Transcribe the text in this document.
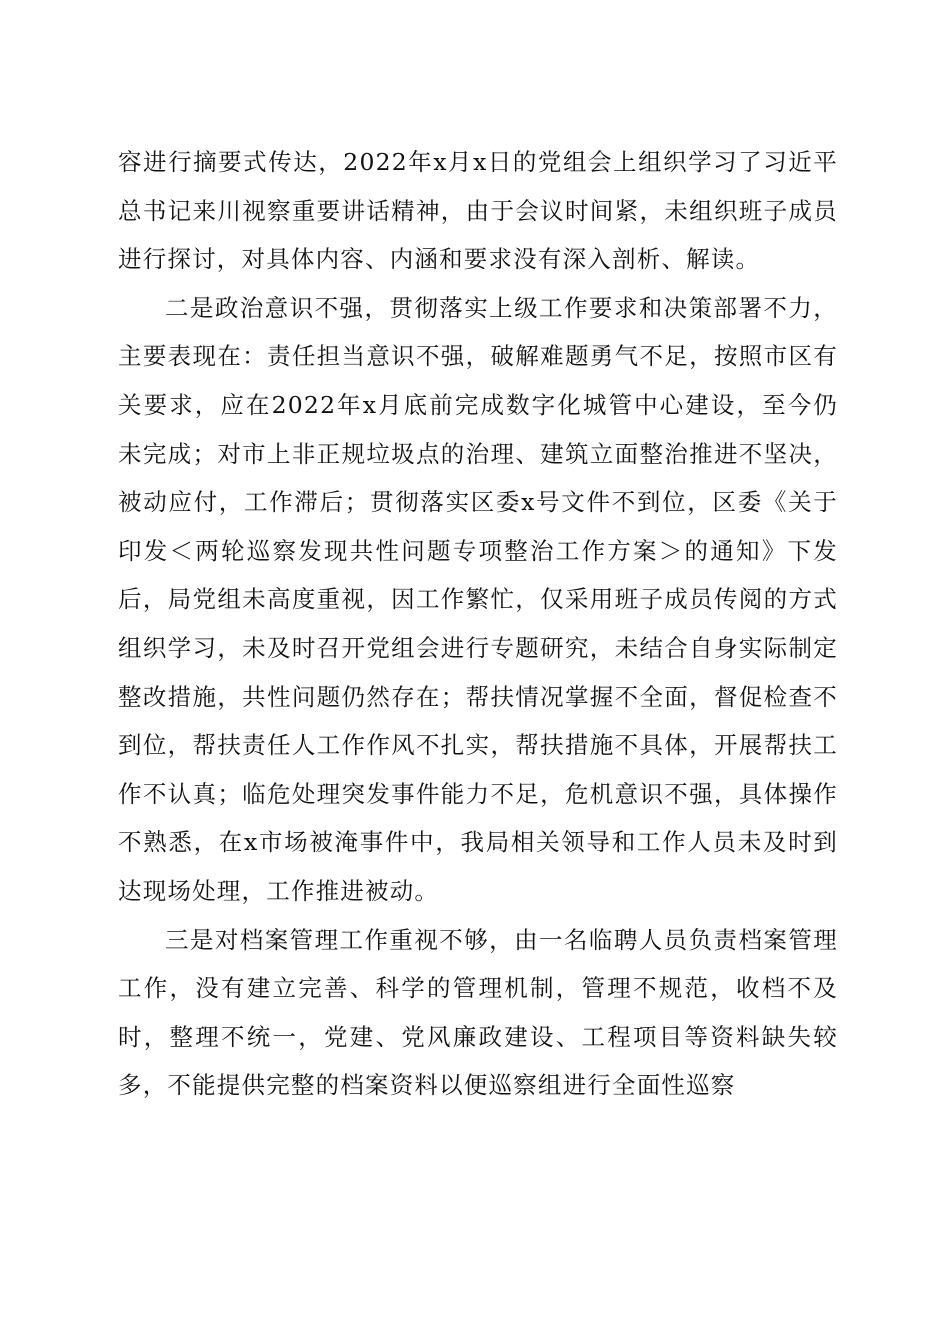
容进行摘要式传达，2022年x月x日的党组会上组织学习了习近平总书记来川视察重要讲话精神，由于会议时间紧，未组织班子成员进行探讨，对具体内容、内涵和要求没有深入剖析、解读。

二是政治意识不强，贯彻落实上级工作要求和决策部署不力，主要表现在：责任担当意识不强，破解难题勇气不足，按照市区有关要求，应在2022年x月底前完成数字化城管中心建设，至今仍未完成；对市上非正规垃圾点的治理、建筑立面整治推进不坚决，被动应付，工作滞后；贯彻落实区委x号文件不到位，区委《关于印发＜两轮巡察发现共性问题专项整治工作方案＞的通知》下发后，局党组未高度重视，因工作繁忙，仅采用班子成员传阅的方式组织学习，未及时召开党组会进行专题研究，未结合自身实际制定整改措施，共性问题仍然存在；帮扶情况掌握不全面，督促检查不到位，帮扶责任人工作作风不扎实，帮扶措施不具体，开展帮扶工作不认真；临危处理突发事件能力不足，危机意识不强，具体操作不熟悉，在x市场被淹事件中，我局相关领导和工作人员未及时到达现场处理，工作推进被动。

三是对档案管理工作重视不够，由一名临聘人员负责档案管理工作，没有建立完善、科学的管理机制，管理不规范，收档不及时，整理不统一，党建、党风廉政建设、工程项目等资料缺失较多，不能提供完整的档案资料以便巡察组进行全面性巡察
